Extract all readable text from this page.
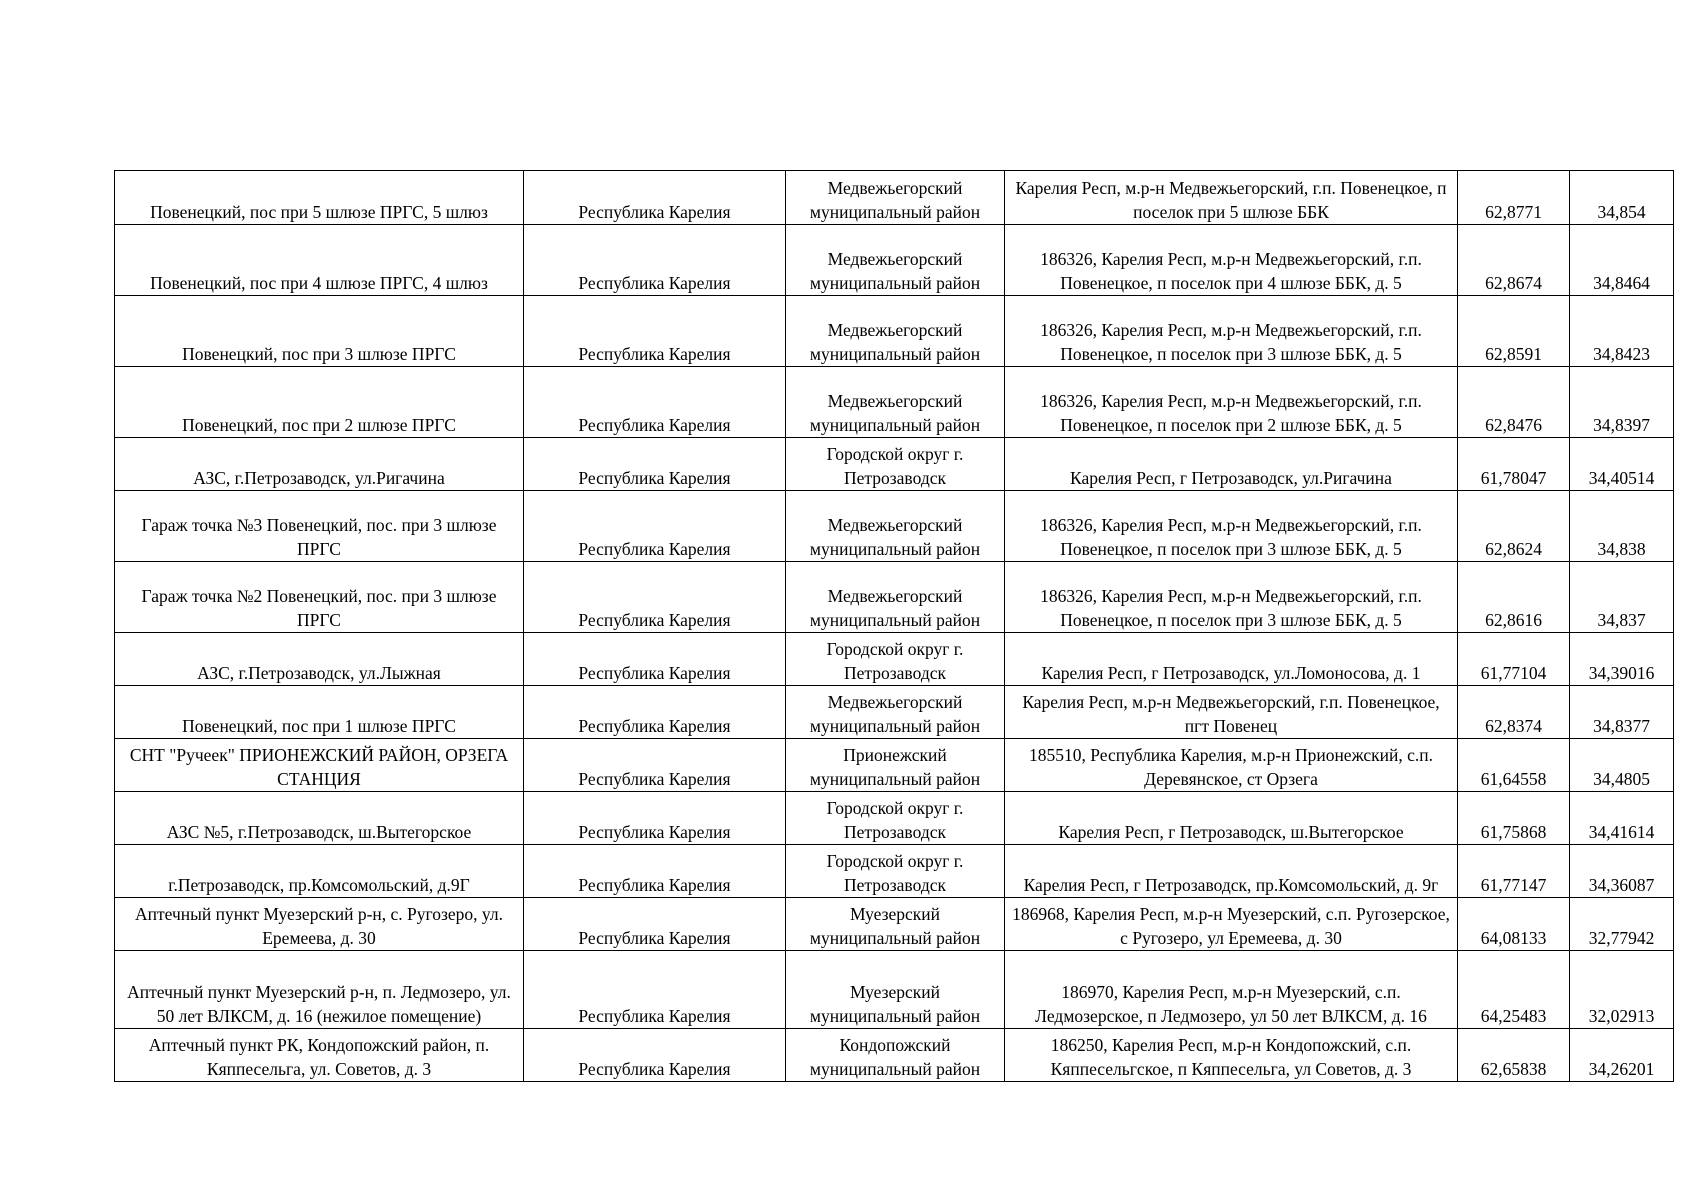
Повенецкий, пос при 5 шлюзе ПРГС, 5 шлюз	Республика Карелия	Медвежьегорский муниципальный район	Карелия Респ, м.р-н Медвежьегорский, г.п. Повенецкое, п поселок при 5 шлюзе ББК	62,8771	34,854
Повенецкий, пос при 4 шлюзе ПРГС, 4 шлюз	Республика Карелия	Медвежьегорский муниципальный район	186326, Карелия Респ, м.р-н Медвежьегорский, г.п. Повенецкое, п поселок при 4 шлюзе ББК, д. 5	62,8674	34,8464
Повенецкий, пос при 3 шлюзе ПРГС	Республика Карелия	Медвежьегорский муниципальный район	186326, Карелия Респ, м.р-н Медвежьегорский, г.п. Повенецкое, п поселок при 3 шлюзе ББК, д. 5	62,8591	34,8423
Повенецкий, пос при 2 шлюзе ПРГС	Республика Карелия	Медвежьегорский муниципальный район	186326, Карелия Респ, м.р-н Медвежьегорский, г.п. Повенецкое, п поселок при 2 шлюзе ББК, д. 5	62,8476	34,8397
АЗС, г.Петрозаводск, ул.Ригачина	Республика Карелия	Городской округ г. Петрозаводск	Карелия Респ, г Петрозаводск, ул.Ригачина	61,78047	34,40514
Гараж точка №3 Повенецкий, пос. при 3 шлюзе ПРГС	Республика Карелия	Медвежьегорский муниципальный район	186326, Карелия Респ, м.р-н Медвежьегорский, г.п. Повенецкое, п поселок при 3 шлюзе ББК, д. 5	62,8624	34,838
Гараж точка №2 Повенецкий, пос. при 3 шлюзе ПРГС	Республика Карелия	Медвежьегорский муниципальный район	186326, Карелия Респ, м.р-н Медвежьегорский, г.п. Повенецкое, п поселок при 3 шлюзе ББК, д. 5	62,8616	34,837
АЗС, г.Петрозаводск, ул.Лыжная	Республика Карелия	Городской округ г. Петрозаводск	Карелия Респ, г Петрозаводск, ул.Ломоносова, д. 1	61,77104	34,39016
Повенецкий, пос при 1 шлюзе ПРГС	Республика Карелия	Медвежьегорский муниципальный район	Карелия Респ, м.р-н Медвежьегорский, г.п. Повенецкое, пгт Повенец	62,8374	34,8377
СНТ "Ручеек" ПРИОНЕЖСКИЙ РАЙОН, ОРЗЕГА СТАНЦИЯ	Республика Карелия	Прионежский муниципальный район	185510, Республика Карелия, м.р-н Прионежский, с.п. Деревянское, ст Орзега	61,64558	34,4805
АЗС №5, г.Петрозаводск, ш.Вытегорское	Республика Карелия	Городской округ г. Петрозаводск	Карелия Респ, г Петрозаводск, ш.Вытегорское	61,75868	34,41614
г.Петрозаводск, пр.Комсомольский, д.9Г	Республика Карелия	Городской округ г. Петрозаводск	Карелия Респ, г Петрозаводск, пр.Комсомольский, д. 9г	61,77147	34,36087
Аптечный пункт Муезерский р-н, с. Ругозеро, ул. Еремеева, д. 30	Республика Карелия	Муезерский муниципальный район	186968, Карелия Респ, м.р-н Муезерский, с.п. Ругозерское, с Ругозеро, ул Еремеева, д. 30	64,08133	32,77942
Аптечный пункт Муезерский р-н, п. Ледмозеро, ул. 50 лет ВЛКСМ, д. 16 (нежилое помещение)	Республика Карелия	Муезерский муниципальный район	186970, Карелия Респ, м.р-н Муезерский, с.п. Ледмозерское, п Ледмозеро, ул 50 лет ВЛКСМ, д. 16	64,25483	32,02913
Аптечный пункт РК, Кондопожский район, п. Кяппесельга, ул. Советов, д. 3	Республика Карелия	Кондопожский муниципальный район	186250, Карелия Респ, м.р-н Кондопожский, с.п. Кяппесельгское, п Кяппесельга, ул Советов, д. 3	62,65838	34,26201
